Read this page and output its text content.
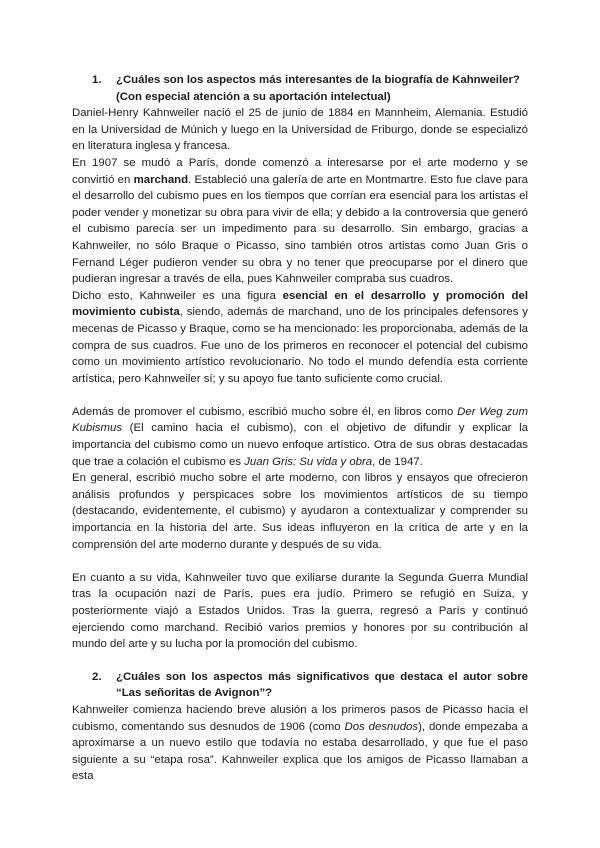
1.	¿Cuáles son los aspectos más interesantes de la biografía de Kahnweiler?
(Con especial atención a su aportación intelectual)

Daniel-Henry Kahnweiler nació el 25 de junio de 1884 en Mannheim, Alemania. Estudió en la Universidad de Múnich y luego en la Universidad de Friburgo, donde se especializó en literatura inglesa y francesa.

En 1907 se mudó a París, donde comenzó a interesarse por el arte moderno y se convirtió en marchand. Estableció una galería de arte en Montmartre. Esto fue clave para el desarrollo del cubismo pues en los tiempos que corrían era esencial para los artistas el poder vender y monetizar su obra para vivir de ella; y debido a la controversia que generó el cubismo parecía ser un impedimento para su desarrollo. Sin embargo, gracias a Kahnweiler, no sólo Braque o Picasso, sino también otros artistas como Juan Gris o Fernand Léger pudieron vender su obra y no tener que preocuparse por el dinero que pudieran ingresar a través de ella, pues Kahnweiler compraba sus cuadros.

Dicho esto, Kahnweiler es una figura esencial en el desarrollo y promoción del movimiento cubista, siendo, además de marchand, uno de los principales defensores y mecenas de Picasso y Braque, como se ha mencionado: les proporcionaba, además de la compra de sus cuadros. Fue uno de los primeros en reconocer el potencial del cubismo como un movimiento artístico revolucionario. No todo el mundo defendía esta corriente artística, pero Kahnweiler sí; y su apoyo fue tanto suficiente como crucial.

Además de promover el cubismo, escribió mucho sobre él, en libros como Der Weg zum Kubismus (El camino hacia el cubismo), con el objetivo de difundir y explicar la importancia del cubismo como un nuevo enfoque artístico. Otra de sus obras destacadas que trae a colación el cubismo es Juan Gris: Su vida y obra, de 1947.

En general, escribió mucho sobre el arte moderno, con libros y ensayos que ofrecieron análisis profundos y perspicaces sobre los movimientos artísticos de su tiempo (destacando, evidentemente, el cubismo) y ayudaron a contextualizar y comprender su importancia en la historia del arte. Sus ideas influyeron en la crítica de arte y en la comprensión del arte moderno durante y después de su vida.

En cuanto a su vida, Kahnweiler tuvo que exiliarse durante la Segunda Guerra Mundial tras la ocupación nazi de París, pues era judío. Primero se refugió en Suiza, y posteriormente viajó a Estados Unidos. Tras la guerra, regresó a París y continuó ejerciendo como marchand. Recibió varios premios y honores por su contribución al mundo del arte y su lucha por la promoción del cubismo.

2.	¿Cuáles son los aspectos más significativos que destaca el autor sobre “Las señoritas de Avignon”?

Kahnweiler comienza haciendo breve alusión a los primeros pasos de Picasso hacia el cubismo, comentando sus desnudos de 1906 (como Dos desnudos), donde empezaba a aproximarse a un nuevo estilo que todavía no estaba desarrollado, y que fue el paso siguiente a su “etapa rosa”. Kahnweiler explica que los amigos de Picasso llamaban a esta
